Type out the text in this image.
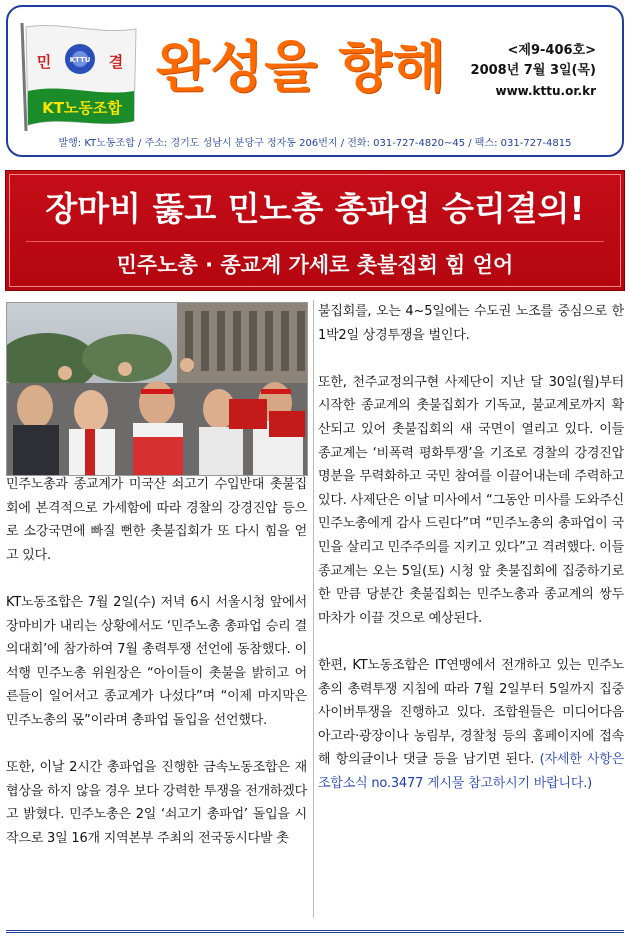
KTTU
민	결
KT노동조합
완성을 향해	<제9-406호>
2008년 7월 3일(목)
www.kttu.or.kr
발행: KT노동조합 / 주소: 경기도 성남시 분당구 정자동 206번지 / 전화: 031-727-4820~45 / 팩스: 031-727-4815
장마비 뚫고 민노총 총파업 승리결의!
민주노총 · 종교계 가세로 촛불집회 힘 얻어

민주노총과 종교계가 미국산 쇠고기 수입반대 촛불집회에 본격적으로 가세함에 따라 경찰의 강경진압 등으로 소강국면에 빠질 뻔한 촛불집회가 또 다시 힘을 얻고 있다.

KT노동조합은 7월 2일(수) 저녁 6시 서울시청 앞에서 장마비가 내리는 상황에서도 ‘민주노총 총파업 승리 결의대회’에 참가하여 7월 총력투쟁 선언에 동참했다. 이석행 민주노총 위원장은 “아이들이 촛불을 밝히고 어른들이 일어서고 종교계가 나섰다”며 “이제 마지막은 민주노총의 몫”이라며 총파업 돌입을 선언했다.

또한, 이날 2시간 총파업을 진행한 금속노동조합은 재협상을 하지 않을 경우 보다 강력한 투쟁을 전개하겠다고 밝혔다. 민주노총은 2일 ‘쇠고기 총파업’ 돌입을 시작으로 3일 16개 지역본부 주최의 전국동시다발 촛

불집회를, 오는 4~5일에는 수도권 노조를 중심으로 한 1박2일 상경투쟁을 벌인다.

또한, 천주교정의구현 사제단이 지난 달 30일(월)부터 시작한 종교계의 촛불집회가 기독교, 불교계로까지 확산되고 있어 촛불집회의 새 국면이 열리고 있다. 이들 종교계는 ‘비폭력 평화투쟁’을 기조로 경찰의 강경진압 명분을 무력화하고 국민 참여를 이끌어내는데 주력하고 있다. 사제단은 이날 미사에서 “그동안 미사를 도와주신 민주노총에게 감사 드린다”며 “민주노총의 총파업이 국민을 살리고 민주주의를 지키고 있다”고 격려했다. 이들 종교계는 오는 5일(토) 시청 앞 촛불집회에 집중하기로 한 만큼 당분간 촛불집회는 민주노총과 종교계의 쌍두마차가 이끌 것으로 예상된다.

한편, KT노동조합은 IT연맹에서 전개하고 있는 민주노총의 총력투쟁 지침에 따라 7월 2일부터 5일까지 집중 사이버투쟁을 진행하고 있다. 조합원들은 미디어다음 아고라·광장이나 농림부, 경찰청 등의 홈페이지에 접속해 항의글이나 댓글 등을 남기면 된다. (자세한 사항은 조합소식 no.3477 게시물 참고하시기 바랍니다.)
